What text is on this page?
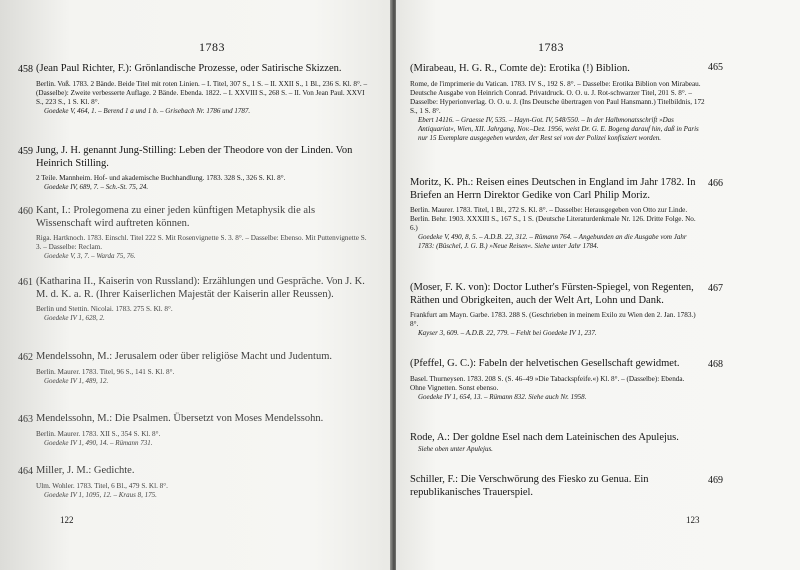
1783
458 (Jean Paul Richter, F.): Grönlandische Prozesse, oder Satirische Skizzen.
Berlin. Voß. 1783. 2 Bände. Beide Titel mit roten Linien. – I. Titel, 307 S., 1 S. – II. XXII S., 1 Bl., 236 S. Kl. 8°. – (Dasselbe): Zweite verbesserte Auflage. 2 Bände. Ebenda. 1822. – I. XXVIII S., 268 S. – II. Von Jean Paul. XXVI S., 223 S., 1 S. Kl. 8°.
Goedeke V, 464, 1. – Berend 1 a und 1 b. – Grisebach Nr. 1786 und 1787.
459 Jung, J. H. genannt Jung-Stilling: Leben der Theodore von der Linden. Von Heinrich Stilling.
2 Teile. Mannheim. Hof- und akademische Buchhandlung. 1783. 328 S., 326 S. Kl. 8°.
Goedeke IV, 689, 7. – Sch.-St. 75, 24.
460 Kant, I.: Prolegomena zu einer jeden künftigen Metaphysik die als Wissenschaft wird auftreten können.
Riga. Hartknoch. 1783. Einschl. Titel 222 S. Mit Rosenvignette S. 3. 8°. – Dasselbe: Ebenso. Mit Puttenvignette S. 3. – Dasselbe: Reclam.
Goedeke V, 3, 7. – Warda 75, 76.
461 (Katharina II., Kaiserin von Russland): Erzählungen und Gespräche. Von J. K. M. d. K. a. R. (Ihrer Kaiserlichen Majestät der Kaiserin aller Reussen).
Berlin und Stettin. Nicolai. 1783. 275 S. Kl. 8°.
Goedeke IV 1, 628, 2.
462 Mendelssohn, M.: Jerusalem oder über religiöse Macht und Judentum.
Berlin. Maurer. 1783. Titel, 96 S., 141 S. Kl. 8°.
Goedeke IV 1, 489, 12.
463 Mendelssohn, M.: Die Psalmen. Übersetzt von Moses Mendelssohn.
Berlin. Maurer. 1783. XII S., 354 S. Kl. 8°.
Goedeke IV 1, 490, 14. – Rümann 731.
464 Miller, J. M.: Gedichte.
Ulm. Wohler. 1783. Titel, 6 Bl., 479 S. Kl. 8°.
Goedeke IV 1, 1095, 12. – Kraus 8, 175.
122
1783
465
(Mirabeau, H. G. R., Comte de): Erotika (!) Biblion.
Rome, de l'imprimerie du Vatican. 1783. IV S., 192 S. 8°. – Dasselbe: Erotika Biblion von Mirabeau. Deutsche Ausgabe von Heinrich Conrad. Privatdruck. O. O. u. J. Rot-schwarzer Titel, 201 S. 8°. – Dasselbe: Hyperionverlag. O. O. u. J. (Ins Deutsche übertragen von Paul Hansmann.) Titelbildnis, 172 S., 1 S. 8°.
Ebert 14116. – Graesse IV, 535. – Hayn-Got. IV, 548/550. – In der Halbmonatsschrift »Das Antiquariat«, Wien, XII. Jahrgang, Nov.–Dez. 1956, weist Dr. G. E. Bogeng darauf hin, daß in Paris nur 15 Exemplare ausgegeben wurden, der Rest sei von der Polizei konfisziert worden.
466
Moritz, K. Ph.: Reisen eines Deutschen in England im Jahr 1782. In Briefen an Herrn Direktor Gedike von Carl Philip Moriz.
Berlin. Maurer. 1783. Titel, 1 Bl., 272 S. Kl. 8°. – Dasselbe: Herausgegeben von Otto zur Linde. Berlin. Behr. 1903. XXXIII S., 167 S., 1 S. (Deutsche Literaturdenkmale Nr. 126. Dritte Folge. No. 6.)
Goedeke V, 490, 8, 5. – A.D.B. 22, 312. – Rümann 764. – Angebunden an die Ausgabe vom Jahr 1783: (Büschel, J. G. B.) »Neue Reisen«. Siehe unter Jahr 1784.
467
(Moser, F. K. von): Doctor Luther's Fürsten-Spiegel, von Regenten, Räthen und Obrigkeiten, auch der Welt Art, Lohn und Dank.
Frankfurt am Mayn. Garbe. 1783. 288 S. (Geschrieben in meinem Exilo zu Wien den 2. Jan. 1783.) 8°.
Kayser 3, 609. – A.D.B. 22, 779. – Fehlt bei Goedeke IV 1, 237.
468
(Pfeffel, G. C.): Fabeln der helvetischen Gesellschaft gewidmet.
Basel. Thurneysen. 1783. 208 S. (S. 46–49 »Die Tabackspfeife.«) Kl. 8°. – (Dasselbe): Ebenda. Ohne Vignetten. Sonst ebenso.
Goedeke IV 1, 654, 13. – Rümann 832. Siehe auch Nr. 1958.
Rode, A.: Der goldne Esel nach dem Lateinischen des Apulejus.
Siehe oben unter Apulejus.
469
Schiller, F.: Die Verschwörung des Fiesko zu Genua. Ein republikanisches Trauerspiel.
123
